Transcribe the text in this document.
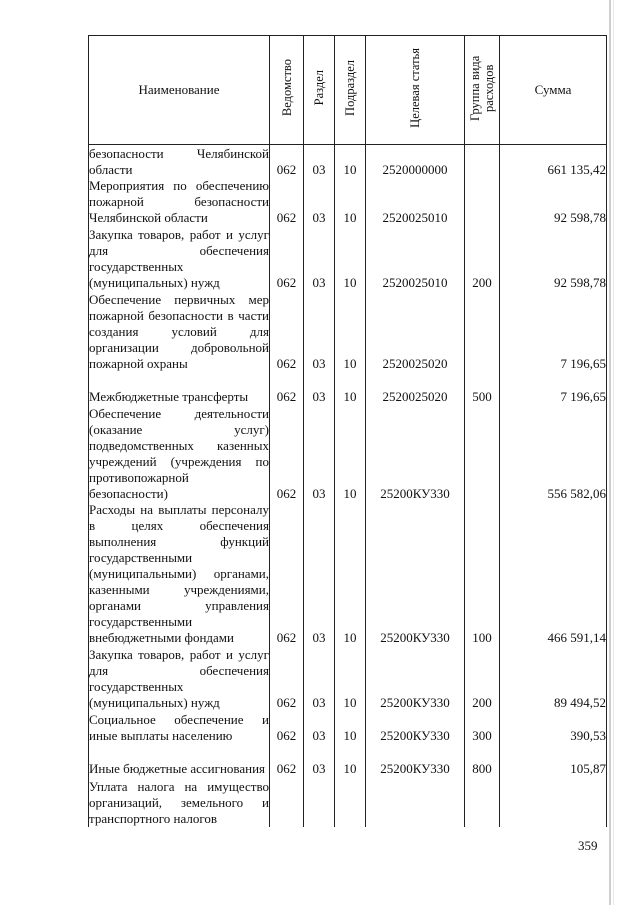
Наименование	Ведомство	Раздел	Подраздел	Целевая статья	Группа вида расходов	Сумма
безопасности Челябинской области	062	03	10	2520000000		661 135,42
Мероприятия по обеспечению пожарной безопасности Челябинской области	062	03	10	2520025010		92 598,78
Закупка товаров, работ и услуг для обеспечения государственных (муниципальных) нужд	062	03	10	2520025010	200	92 598,78
Обеспечение первичных мер пожарной безопасности в части создания условий для организации добровольной пожарной охраны	062	03	10	2520025020		7 196,65
Межбюджетные трансферты	062	03	10	2520025020	500	7 196,65
Обеспечение деятельности (оказание услуг) подведомственных казенных учреждений (учреждения по противопожарной безопасности)	062	03	10	25200КУ330		556 582,06
Расходы на выплаты персоналу в целях обеспечения выполнения функций государственными (муниципальными) органами, казенными учреждениями, органами управления государственными внебюджетными фондами	062	03	10	25200КУ330	100	466 591,14
Закупка товаров, работ и услуг для обеспечения государственных (муниципальных) нужд	062	03	10	25200КУ330	200	89 494,52
Социальное обеспечение и иные выплаты населению	062	03	10	25200КУ330	300	390,53
Иные бюджетные ассигнования	062	03	10	25200КУ330	800	105,87
Уплата налога на имущество организаций, земельного и транспортного налогов						
359
